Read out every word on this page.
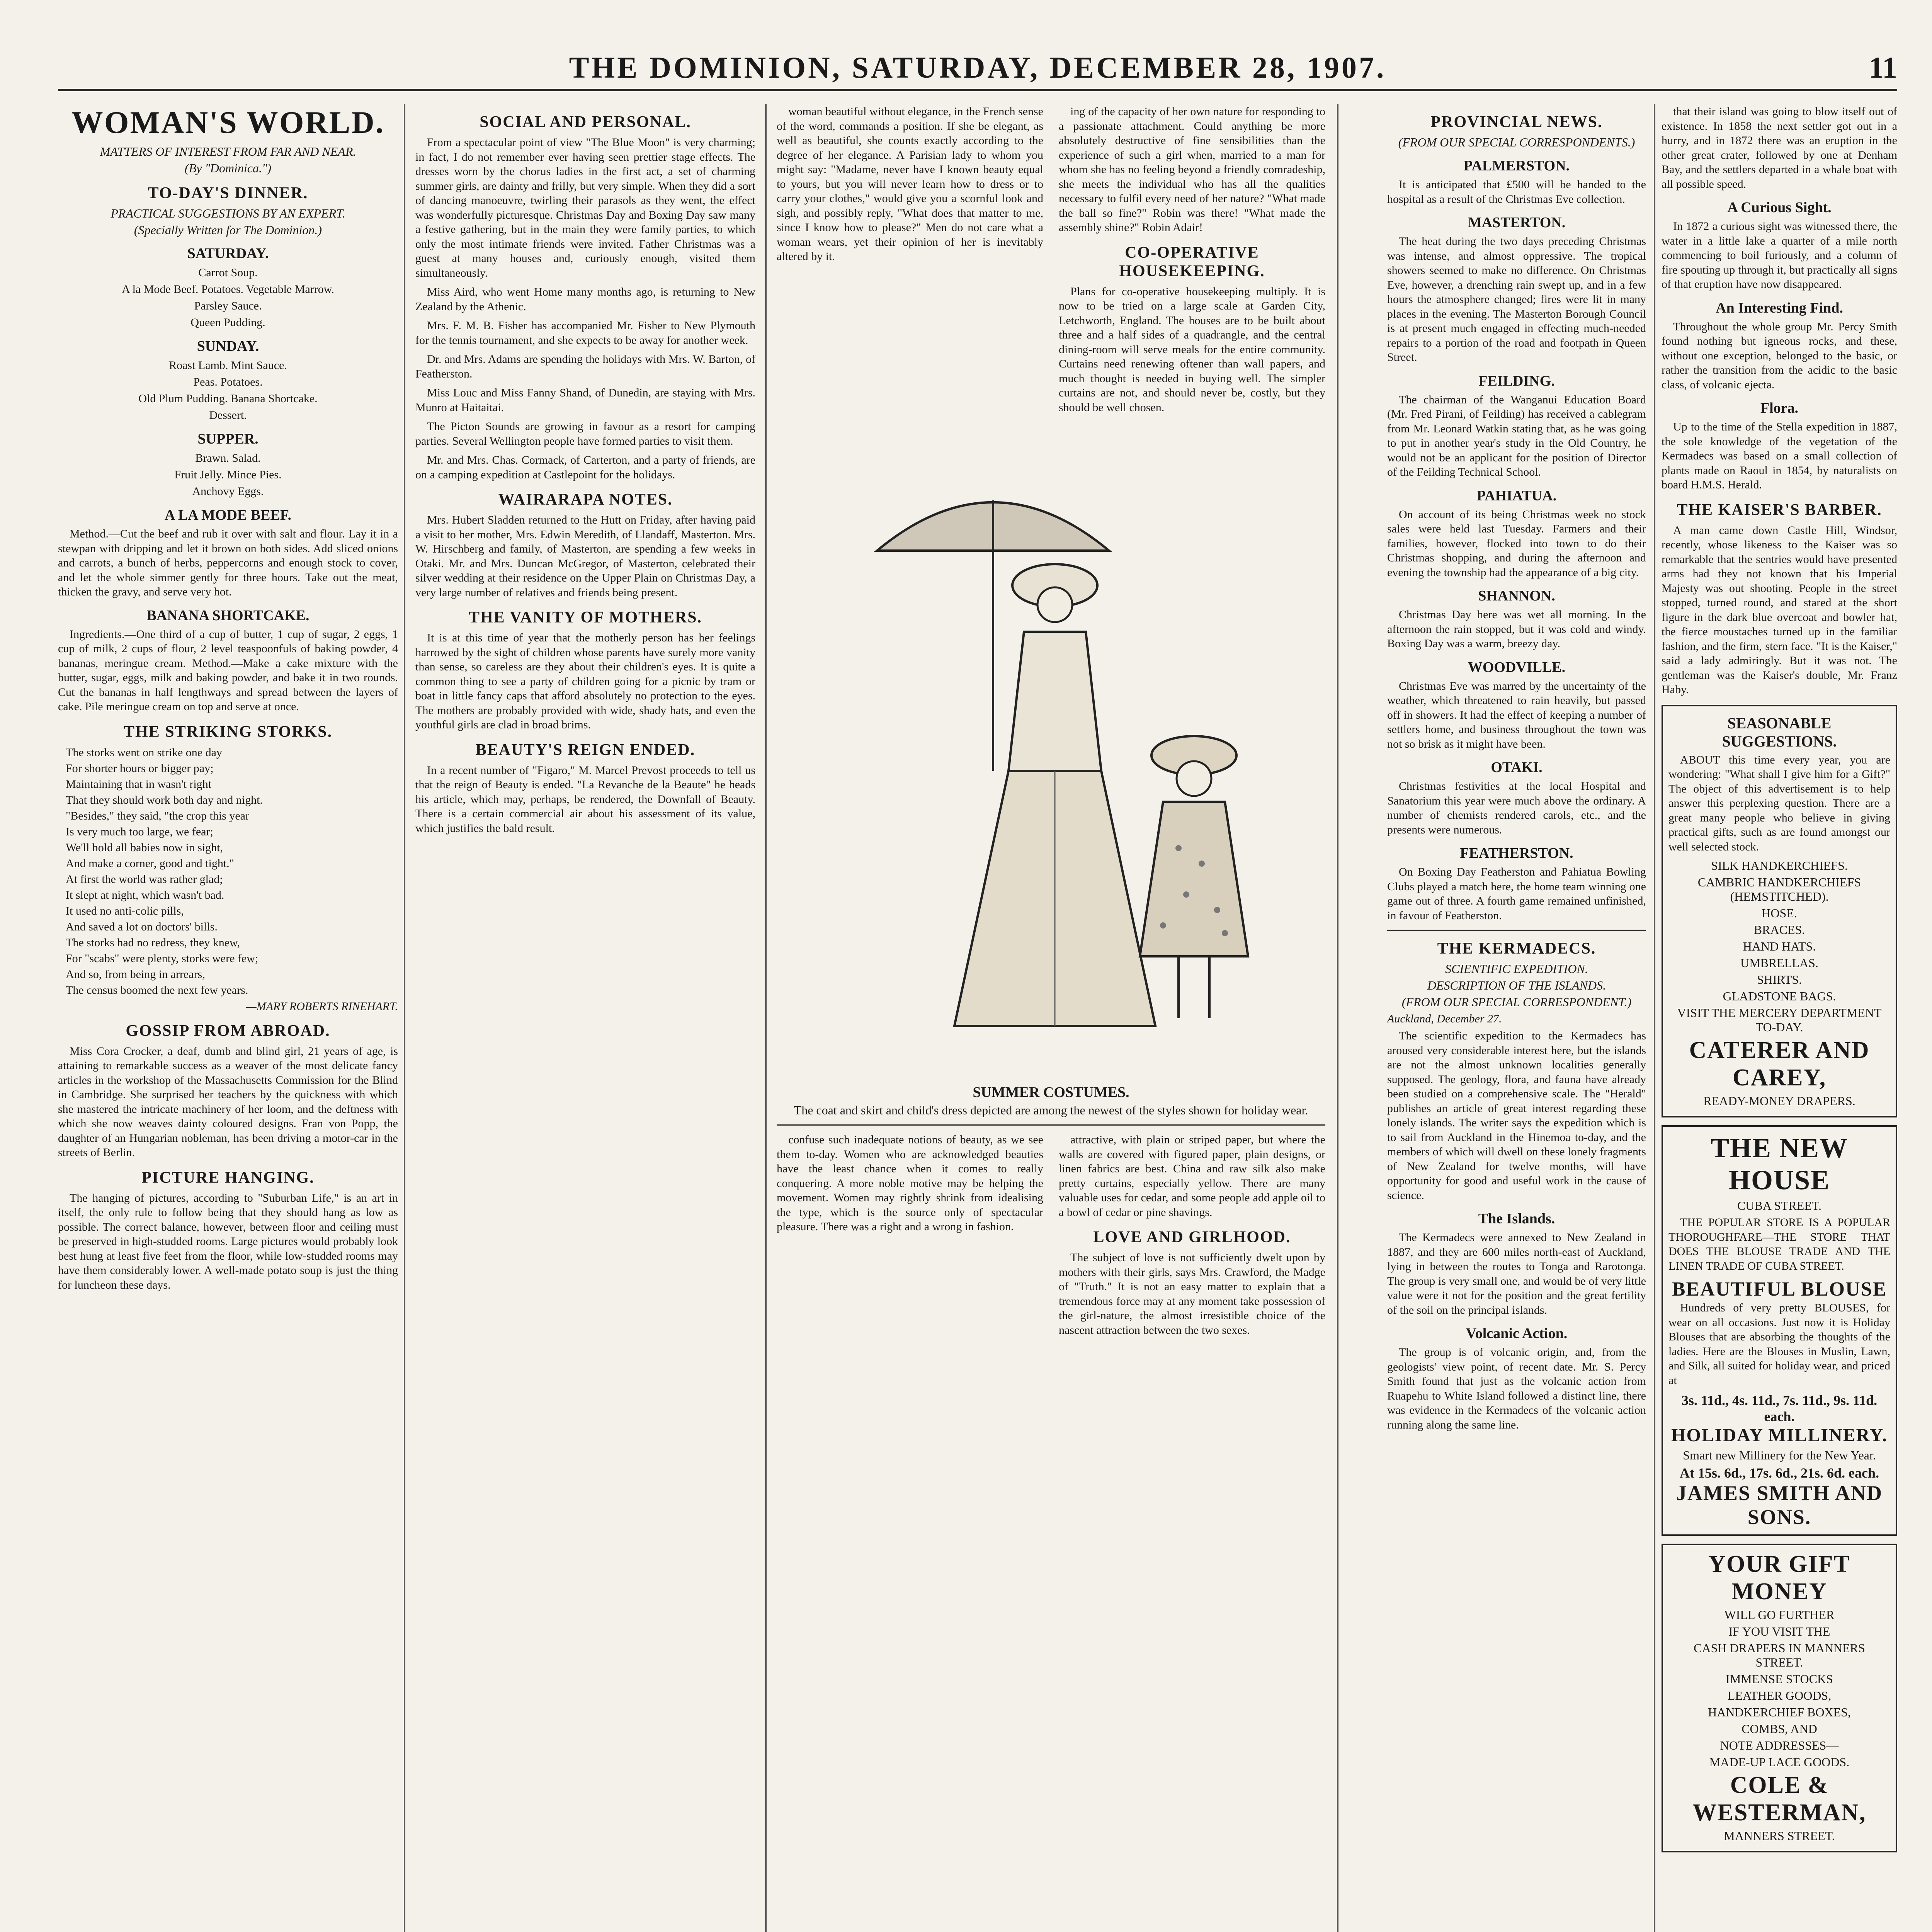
THE DOMINION, SATURDAY, DECEMBER 28, 1907.	11
WOMAN'S WORLD.
MATTERS OF INTEREST FROM FAR AND NEAR.
(By "Dominica.")
TO-DAY'S DINNER.
PRACTICAL SUGGESTIONS BY AN EXPERT.
(Specially Written for The Dominion.)
SATURDAY.
Carrot Soup.
A la Mode Beef. Potatoes. Vegetable Marrow.
Parsley Sauce.
Queen Pudding.
SUNDAY.
Roast Lamb. Mint Sauce.
Peas. Potatoes.
Old Plum Pudding. Banana Shortcake.
Dessert.
SUPPER.
Brawn. Salad.
Fruit Jelly. Mince Pies.
Anchovy Eggs.
A LA MODE BEEF.

Method.—Cut the beef and rub it over with salt and flour. Lay it in a stewpan with dripping and let it brown on both sides. Add sliced onions and carrots, a bunch of herbs, peppercorns and enough stock to cover, and let the whole simmer gently for three hours. Take out the meat, thicken the gravy, and serve very hot.

BANANA SHORTCAKE.

Ingredients.—One third of a cup of butter, 1 cup of sugar, 2 eggs, 1 cup of milk, 2 cups of flour, 2 level teaspoonfuls of baking powder, 4 bananas, meringue cream. Method.—Make a cake mixture with the butter, sugar, eggs, milk and baking powder, and bake it in two rounds. Cut the bananas in half lengthways and spread between the layers of cake. Pile meringue cream on top and serve at once.

THE STRIKING STORKS.
The storks went on strike one day
For shorter hours or bigger pay;
Maintaining that in wasn't right
That they should work both day and night.
"Besides," they said, "the crop this year
Is very much too large, we fear;
We'll hold all babies now in sight,
And make a corner, good and tight."
At first the world was rather glad;
It slept at night, which wasn't bad.
It used no anti-colic pills,
And saved a lot on doctors' bills.
The storks had no redress, they knew,
For "scabs" were plenty, storks were few;
And so, from being in arrears,
The census boomed the next few years.
—MARY ROBERTS RINEHART.
GOSSIP FROM ABROAD.

Miss Cora Crocker, a deaf, dumb and blind girl, 21 years of age, is attaining to remarkable success as a weaver of the most delicate fancy articles in the workshop of the Massachusetts Commission for the Blind in Cambridge. She surprised her teachers by the quickness with which she mastered the intricate machinery of her loom, and the deftness with which she now weaves dainty coloured designs. Fran von Popp, the daughter of an Hungarian nobleman, has been driving a motor-car in the streets of Berlin.

PICTURE HANGING.

The hanging of pictures, according to "Suburban Life," is an art in itself, the only rule to follow being that they should hang as low as possible. The correct balance, however, between floor and ceiling must be preserved in high-studded rooms. Large pictures would probably look best hung at least five feet from the floor, while low-studded rooms may have them considerably lower. A well-made potato soup is just the thing for luncheon these days.

SOCIAL AND PERSONAL.

From a spectacular point of view "The Blue Moon" is very charming; in fact, I do not remember ever having seen prettier stage effects. The dresses worn by the chorus ladies in the first act, a set of charming summer girls, are dainty and frilly, but very simple. When they did a sort of dancing manoeuvre, twirling their parasols as they went, the effect was wonderfully picturesque. Christmas Day and Boxing Day saw many a festive gathering, but in the main they were family parties, to which only the most intimate friends were invited. Father Christmas was a guest at many houses and, curiously enough, visited them simultaneously.

Miss Aird, who went Home many months ago, is returning to New Zealand by the Athenic.

Mrs. F. M. B. Fisher has accompanied Mr. Fisher to New Plymouth for the tennis tournament, and she expects to be away for another week.

Dr. and Mrs. Adams are spending the holidays with Mrs. W. Barton, of Featherston.

Miss Louc and Miss Fanny Shand, of Dunedin, are staying with Mrs. Munro at Haitaitai.

The Picton Sounds are growing in favour as a resort for camping parties. Several Wellington people have formed parties to visit them.

Mr. and Mrs. Chas. Cormack, of Carterton, and a party of friends, are on a camping expedition at Castlepoint for the holidays.

WAIRARAPA NOTES.

Mrs. Hubert Sladden returned to the Hutt on Friday, after having paid a visit to her mother, Mrs. Edwin Meredith, of Llandaff, Masterton. Mrs. W. Hirschberg and family, of Masterton, are spending a few weeks in Otaki. Mr. and Mrs. Duncan McGregor, of Masterton, celebrated their silver wedding at their residence on the Upper Plain on Christmas Day, a very large number of relatives and friends being present.

THE VANITY OF MOTHERS.

It is at this time of year that the motherly person has her feelings harrowed by the sight of children whose parents have surely more vanity than sense, so careless are they about their children's eyes. It is quite a common thing to see a party of children going for a picnic by tram or boat in little fancy caps that afford absolutely no protection to the eyes. The mothers are probably provided with wide, shady hats, and even the youthful girls are clad in broad brims.

BEAUTY'S REIGN ENDED.

In a recent number of "Figaro," M. Marcel Prevost proceeds to tell us that the reign of Beauty is ended. "La Revanche de la Beaute" he heads his article, which may, perhaps, be rendered, the Downfall of Beauty. There is a certain commercial air about his assessment of its value, which justifies the bald result.

woman beautiful without elegance, in the French sense of the word, commands a position. If she be elegant, as well as beautiful, she counts exactly according to the degree of her elegance. A Parisian lady to whom you might say: "Madame, never have I known beauty equal to yours, but you will never learn how to dress or to carry your clothes," would give you a scornful look and sigh, and possibly reply, "What does that matter to me, since I know how to please?" Men do not care what a woman wears, yet their opinion of her is inevitably altered by it.

ing of the capacity of her own nature for responding to a passionate attachment. Could anything be more absolutely destructive of fine sensibilities than the experience of such a girl when, married to a man for whom she has no feeling beyond a friendly comradeship, she meets the individual who has all the qualities necessary to fulfil every need of her nature? "What made the ball so fine?" Robin was there! "What made the assembly shine?" Robin Adair!

CO-OPERATIVE HOUSEKEEPING.

Plans for co-operative housekeeping multiply. It is now to be tried on a large scale at Garden City, Letchworth, England. The houses are to be built about three and a half sides of a quadrangle, and the central dining-room will serve meals for the entire community. Curtains need renewing oftener than wall papers, and much thought is needed in buying well. The simpler curtains are not, and should never be, costly, but they should be well chosen.

SUMMER COSTUMES.
The coat and skirt and child's dress depicted are among the newest of the styles shown for holiday wear.

confuse such inadequate notions of beauty, as we see them to-day. Women who are acknowledged beauties have the least chance when it comes to really conquering. A more noble motive may be helping the movement. Women may rightly shrink from idealising the type, which is the source only of spectacular pleasure. There was a right and a wrong in fashion.

attractive, with plain or striped paper, but where the walls are covered with figured paper, plain designs, or linen fabrics are best. China and raw silk also make pretty curtains, especially yellow. There are many valuable uses for cedar, and some people add apple oil to a bowl of cedar or pine shavings.

LOVE AND GIRLHOOD.

The subject of love is not sufficiently dwelt upon by mothers with their girls, says Mrs. Crawford, the Madge of "Truth." It is not an easy matter to explain that a tremendous force may at any moment take possession of the girl-nature, the almost irresistible choice of the nascent attraction between the two sexes.

PROVINCIAL NEWS.
(FROM OUR SPECIAL CORRESPONDENTS.)
PALMERSTON.

It is anticipated that £500 will be handed to the hospital as a result of the Christmas Eve collection.

MASTERTON.

The heat during the two days preceding Christmas was intense, and almost oppressive. The tropical showers seemed to make no difference. On Christmas Eve, however, a drenching rain swept up, and in a few hours the atmosphere changed; fires were lit in many places in the evening. The Masterton Borough Council is at present much engaged in effecting much-needed repairs to a portion of the road and footpath in Queen Street.

FEILDING.

The chairman of the Wanganui Education Board (Mr. Fred Pirani, of Feilding) has received a cablegram from Mr. Leonard Watkin stating that, as he was going to put in another year's study in the Old Country, he would not be an applicant for the position of Director of the Feilding Technical School.

PAHIATUA.

On account of its being Christmas week no stock sales were held last Tuesday. Farmers and their families, however, flocked into town to do their Christmas shopping, and during the afternoon and evening the township had the appearance of a big city.

SHANNON.

Christmas Day here was wet all morning. In the afternoon the rain stopped, but it was cold and windy. Boxing Day was a warm, breezy day.

WOODVILLE.

Christmas Eve was marred by the uncertainty of the weather, which threatened to rain heavily, but passed off in showers. It had the effect of keeping a number of settlers home, and business throughout the town was not so brisk as it might have been.

OTAKI.

Christmas festivities at the local Hospital and Sanatorium this year were much above the ordinary. A number of chemists rendered carols, etc., and the presents were numerous.

FEATHERSTON.

On Boxing Day Featherston and Pahiatua Bowling Clubs played a match here, the home team winning one game out of three. A fourth game remained unfinished, in favour of Featherston.

THE KERMADECS.
SCIENTIFIC EXPEDITION.
DESCRIPTION OF THE ISLANDS.
(FROM OUR SPECIAL CORRESPONDENT.)
Auckland, December 27.

The scientific expedition to the Kermadecs has aroused very considerable interest here, but the islands are not the almost unknown localities generally supposed. The geology, flora, and fauna have already been studied on a comprehensive scale. The "Herald" publishes an article of great interest regarding these lonely islands. The writer says the expedition which is to sail from Auckland in the Hinemoa to-day, and the members of which will dwell on these lonely fragments of New Zealand for twelve months, will have opportunity for good and useful work in the cause of science.

The Islands.

The Kermadecs were annexed to New Zealand in 1887, and they are 600 miles north-east of Auckland, lying in between the routes to Tonga and Rarotonga. The group is very small one, and would be of very little value were it not for the position and the great fertility of the soil on the principal islands.

Volcanic Action.

The group is of volcanic origin, and, from the geologists' view point, of recent date. Mr. S. Percy Smith found that just as the volcanic action from Ruapehu to White Island followed a distinct line, there was evidence in the Kermadecs of the volcanic action running along the same line.

that their island was going to blow itself out of existence. In 1858 the next settler got out in a hurry, and in 1872 there was an eruption in the other great crater, followed by one at Denham Bay, and the settlers departed in a whale boat with all possible speed.

A Curious Sight.

In 1872 a curious sight was witnessed there, the water in a little lake a quarter of a mile north commencing to boil furiously, and a column of fire spouting up through it, but practically all signs of that eruption have now disappeared.

An Interesting Find.

Throughout the whole group Mr. Percy Smith found nothing but igneous rocks, and these, without one exception, belonged to the basic, or rather the transition from the acidic to the basic class, of volcanic ejecta.

Flora.

Up to the time of the Stella expedition in 1887, the sole knowledge of the vegetation of the Kermadecs was based on a small collection of plants made on Raoul in 1854, by naturalists on board H.M.S. Herald.

THE KAISER'S BARBER.

A man came down Castle Hill, Windsor, recently, whose likeness to the Kaiser was so remarkable that the sentries would have presented arms had they not known that his Imperial Majesty was out shooting. People in the street stopped, turned round, and stared at the short figure in the dark blue overcoat and bowler hat, the fierce moustaches turned up in the familiar fashion, and the firm, stern face. "It is the Kaiser," said a lady admiringly. But it was not. The gentleman was the Kaiser's double, Mr. Franz Haby.

SEASONABLE SUGGESTIONS.

ABOUT this time every year, you are wondering: "What shall I give him for a Gift?" The object of this advertisement is to help answer this perplexing question. There are a great many people who believe in giving practical gifts, such as are found amongst our well selected stock.

SILK HANDKERCHIEFS.
CAMBRIC HANDKERCHIEFS (HEMSTITCHED).
HOSE.
BRACES.
HAND HATS.
UMBRELLAS.
SHIRTS.
GLADSTONE BAGS.
VISIT THE MERCERY DEPARTMENT TO-DAY.
CATERER AND CAREY,
READY-MONEY DRAPERS.
THE NEW HOUSE
CUBA STREET.

THE POPULAR STORE IS A POPULAR THOROUGHFARE—THE STORE THAT DOES THE BLOUSE TRADE AND THE LINEN TRADE OF CUBA STREET.

BEAUTIFUL BLOUSE

Hundreds of very pretty BLOUSES, for wear on all occasions. Just now it is Holiday Blouses that are absorbing the thoughts of the ladies. Here are the Blouses in Muslin, Lawn, and Silk, all suited for holiday wear, and priced at

3s. 11d., 4s. 11d., 7s. 11d., 9s. 11d. each.
HOLIDAY MILLINERY.
Smart new Millinery for the New Year.
At 15s. 6d., 17s. 6d., 21s. 6d. each.
JAMES SMITH AND SONS.
YOUR GIFT MONEY
WILL GO FURTHER
IF YOU VISIT THE
CASH DRAPERS IN MANNERS STREET.
IMMENSE STOCKS
LEATHER GOODS,
HANDKERCHIEF BOXES,
COMBS, AND
NOTE ADDRESSES—
MADE-UP LACE GOODS.
COLE & WESTERMAN,
MANNERS STREET.
